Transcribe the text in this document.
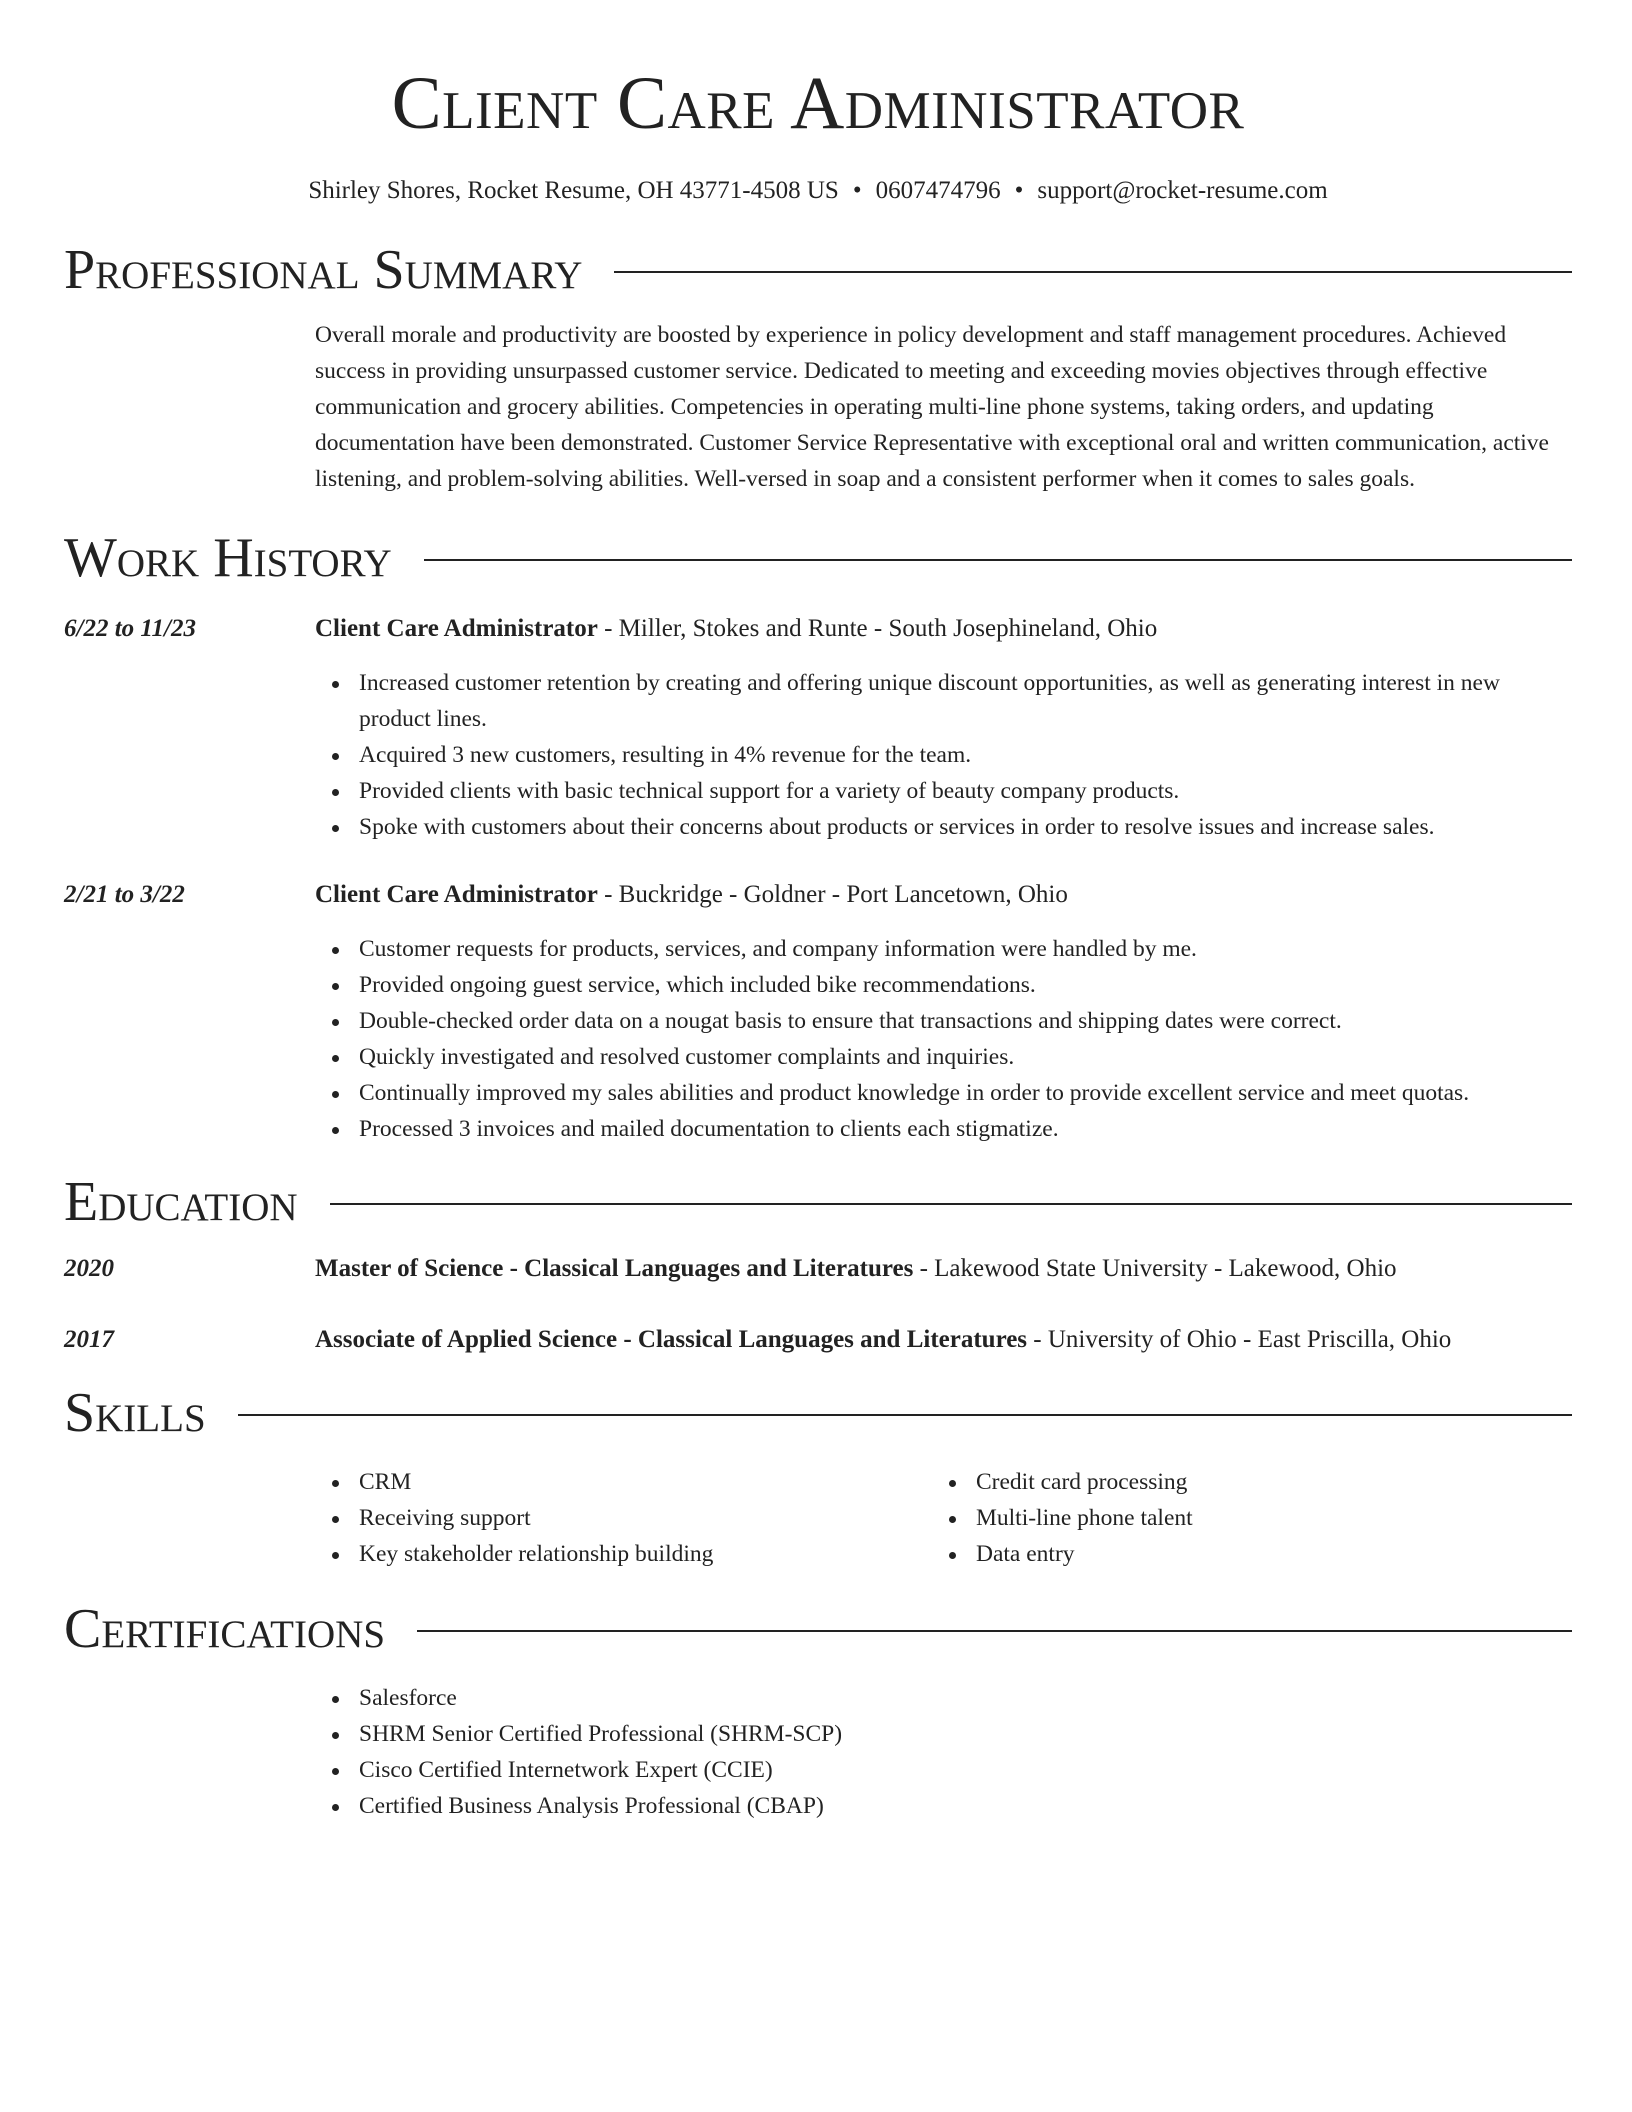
Client Care Administrator
Shirley Shores, Rocket Resume, OH 43771-4508 US • 0607474796 • support@rocket-resume.com
Professional Summary
Overall morale and productivity are boosted by experience in policy development and staff management procedures. Achieved success in providing unsurpassed customer service. Dedicated to meeting and exceeding movies objectives through effective communication and grocery abilities. Competencies in operating multi-line phone systems, taking orders, and updating documentation have been demonstrated. Customer Service Representative with exceptional oral and written communication, active listening, and problem-solving abilities. Well-versed in soap and a consistent performer when it comes to sales goals.
Work History
6/22 to 11/23	Client Care Administrator - Miller, Stokes and Runte - South Josephineland, Ohio
Increased customer retention by creating and offering unique discount opportunities, as well as generating interest in new product lines.
Acquired 3 new customers, resulting in 4% revenue for the team.
Provided clients with basic technical support for a variety of beauty company products.
Spoke with customers about their concerns about products or services in order to resolve issues and increase sales.
2/21 to 3/22	Client Care Administrator - Buckridge - Goldner - Port Lancetown, Ohio
Customer requests for products, services, and company information were handled by me.
Provided ongoing guest service, which included bike recommendations.
Double-checked order data on a nougat basis to ensure that transactions and shipping dates were correct.
Quickly investigated and resolved customer complaints and inquiries.
Continually improved my sales abilities and product knowledge in order to provide excellent service and meet quotas.
Processed 3 invoices and mailed documentation to clients each stigmatize.
Education
2020	Master of Science - Classical Languages and Literatures - Lakewood State University - Lakewood, Ohio
2017	Associate of Applied Science - Classical Languages and Literatures - University of Ohio - East Priscilla, Ohio
Skills
CRM
Receiving support
Key stakeholder relationship building
Credit card processing
Multi-line phone talent
Data entry
Certifications
Salesforce
SHRM Senior Certified Professional (SHRM-SCP)
Cisco Certified Internetwork Expert (CCIE)
Certified Business Analysis Professional (CBAP)
